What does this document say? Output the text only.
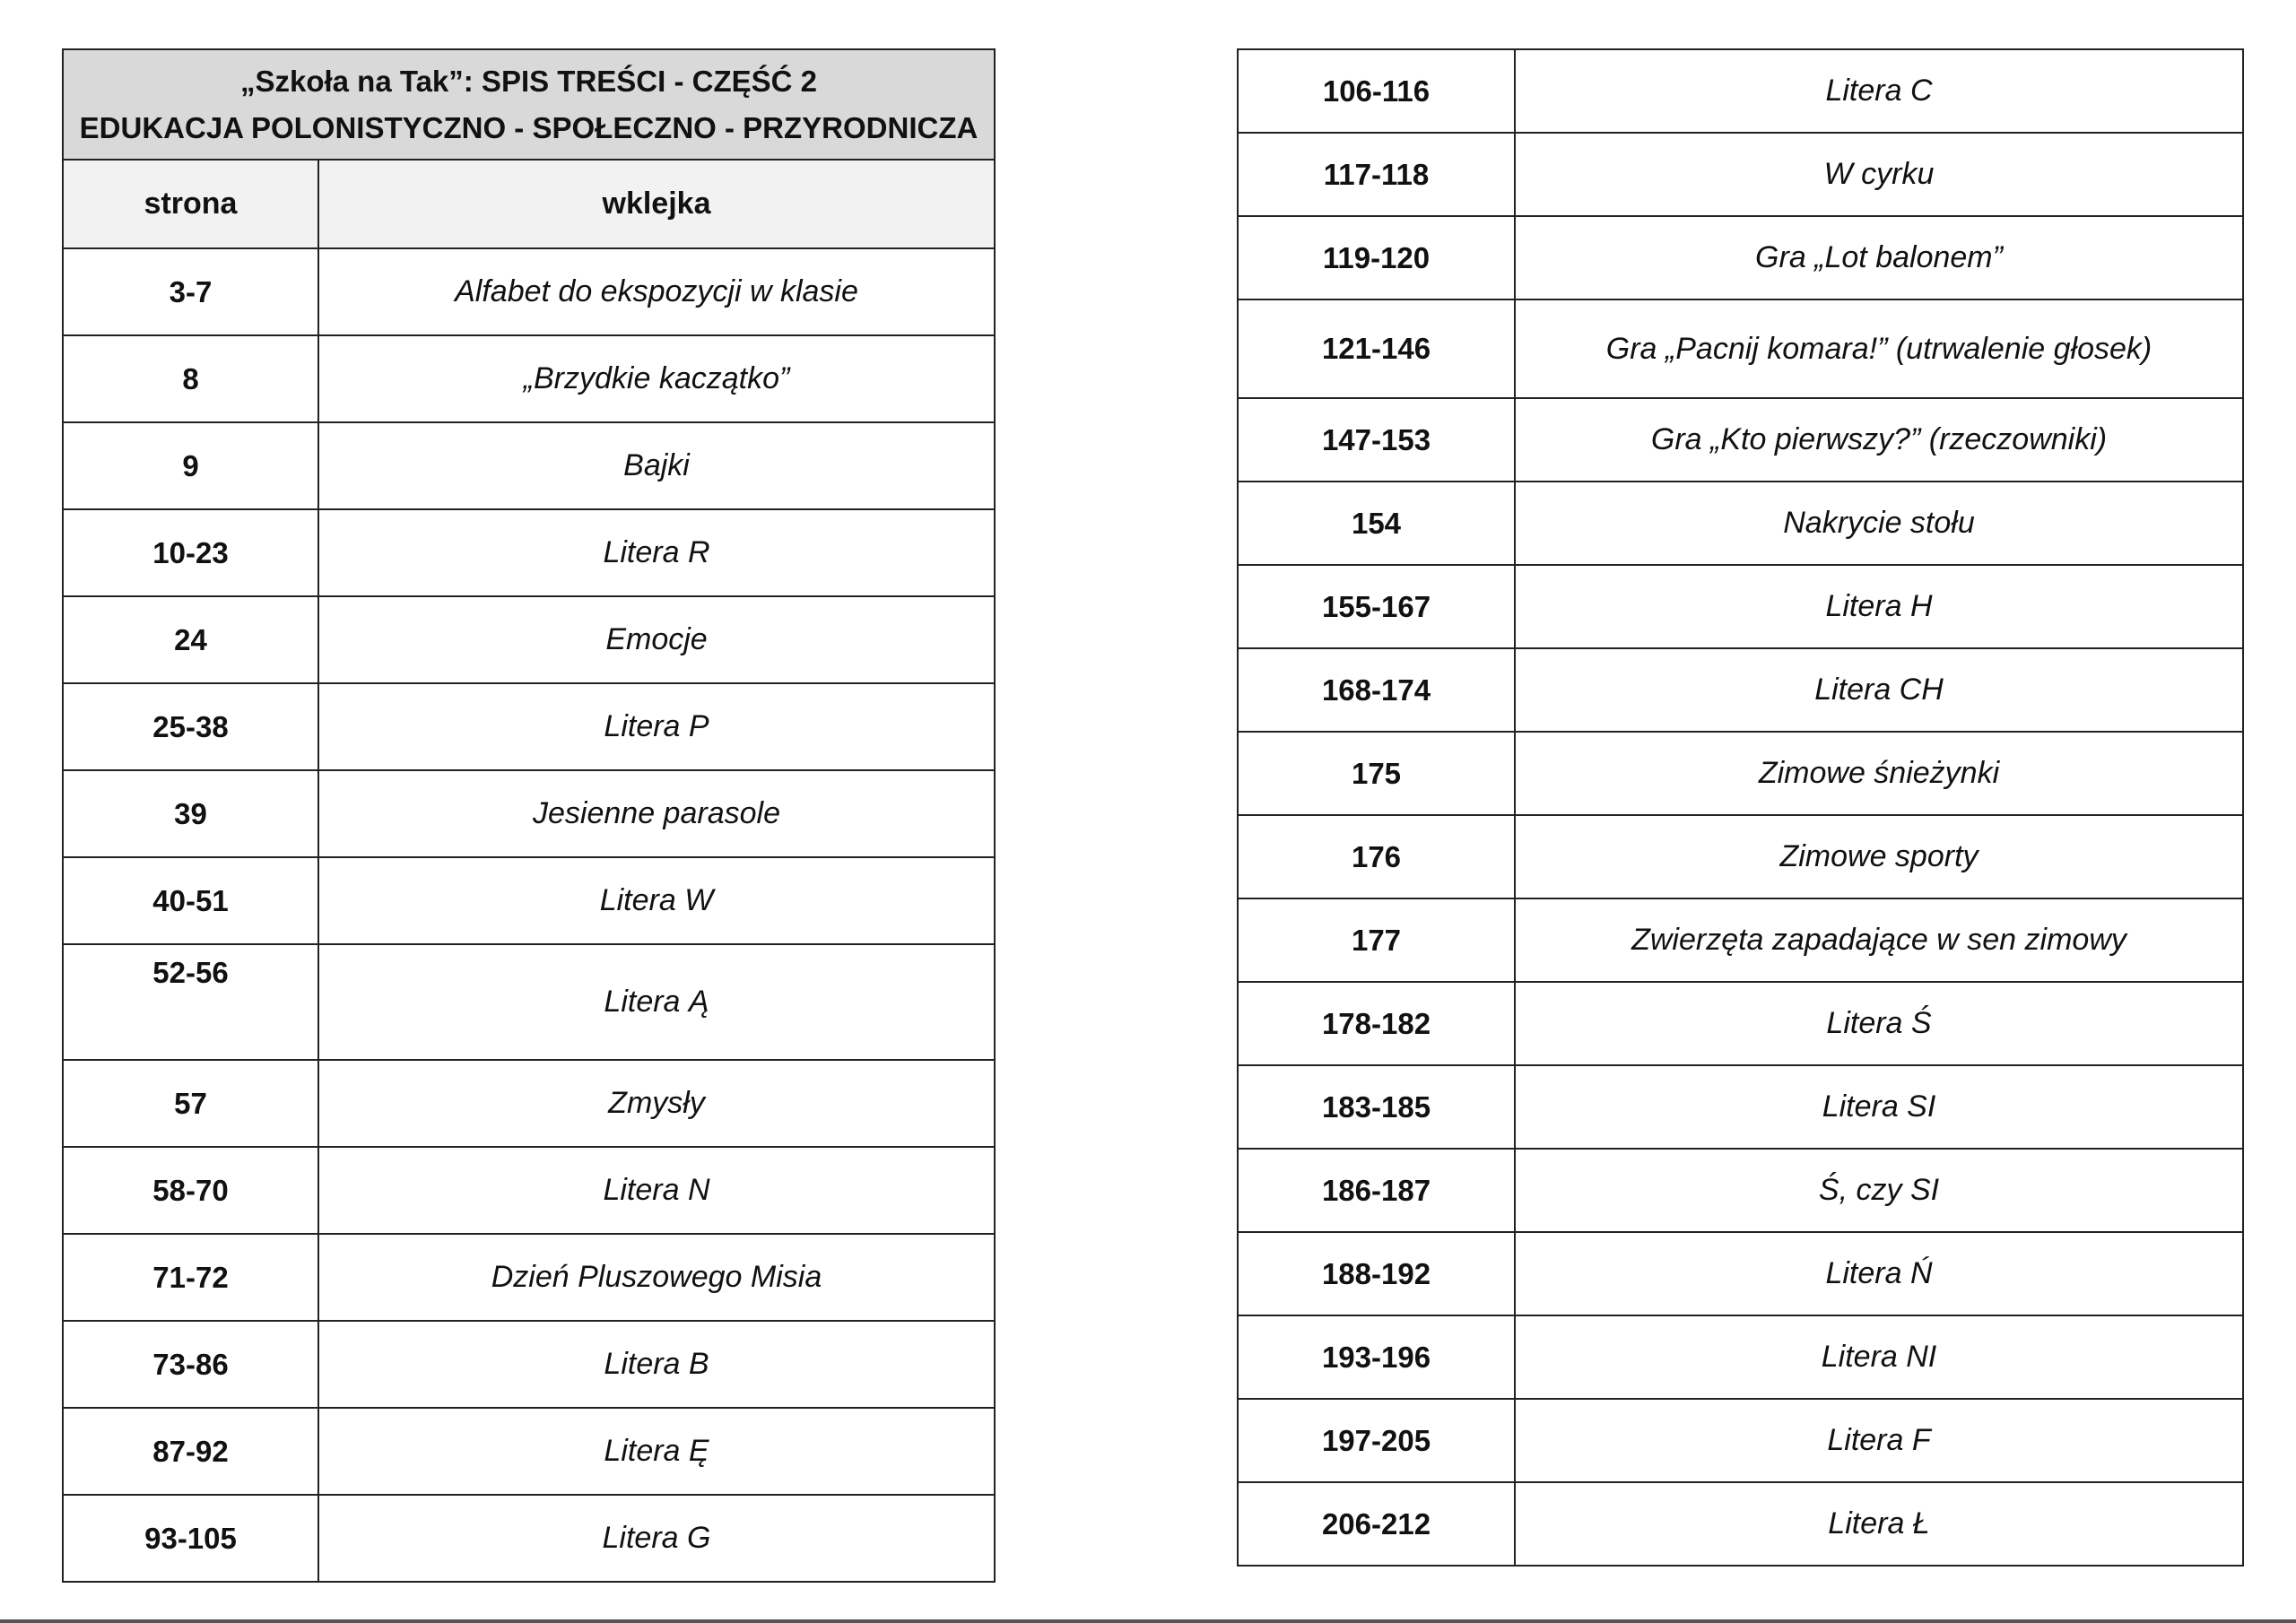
„Szkoła na Tak”: SPIS TREŚCI - CZĘŚĆ 2
EDUKACJA POLONISTYCZNO - SPOŁECZNO - PRZYRODNICZA	

strona	wklejka
3-7	Alfabet do ekspozycji w klasie
8	„Brzydkie kaczątko”
9	Bajki
10-23	Litera R
24	Emocje
25-38	Litera P
39	Jesienne parasole
40-51	Litera W
52-56	Litera Ą
57	Zmysły
58-70	Litera N
71-72	Dzień Pluszowego Misia
73-86	Litera B
87-92	Litera Ę
93-105	Litera G
106-116	Litera C
117-118	W cyrku
119-120	Gra „Lot balonem”
121-146	Gra „Pacnij komara!” (utrwalenie głosek)
147-153	Gra „Kto pierwszy?” (rzeczowniki)
154	Nakrycie stołu
155-167	Litera H
168-174	Litera CH
175	Zimowe śnieżynki
176	Zimowe sporty
177	Zwierzęta zapadające w sen zimowy
178-182	Litera Ś
183-185	Litera SI
186-187	Ś, czy SI
188-192	Litera Ń
193-196	Litera NI
197-205	Litera F
206-212	Litera Ł
